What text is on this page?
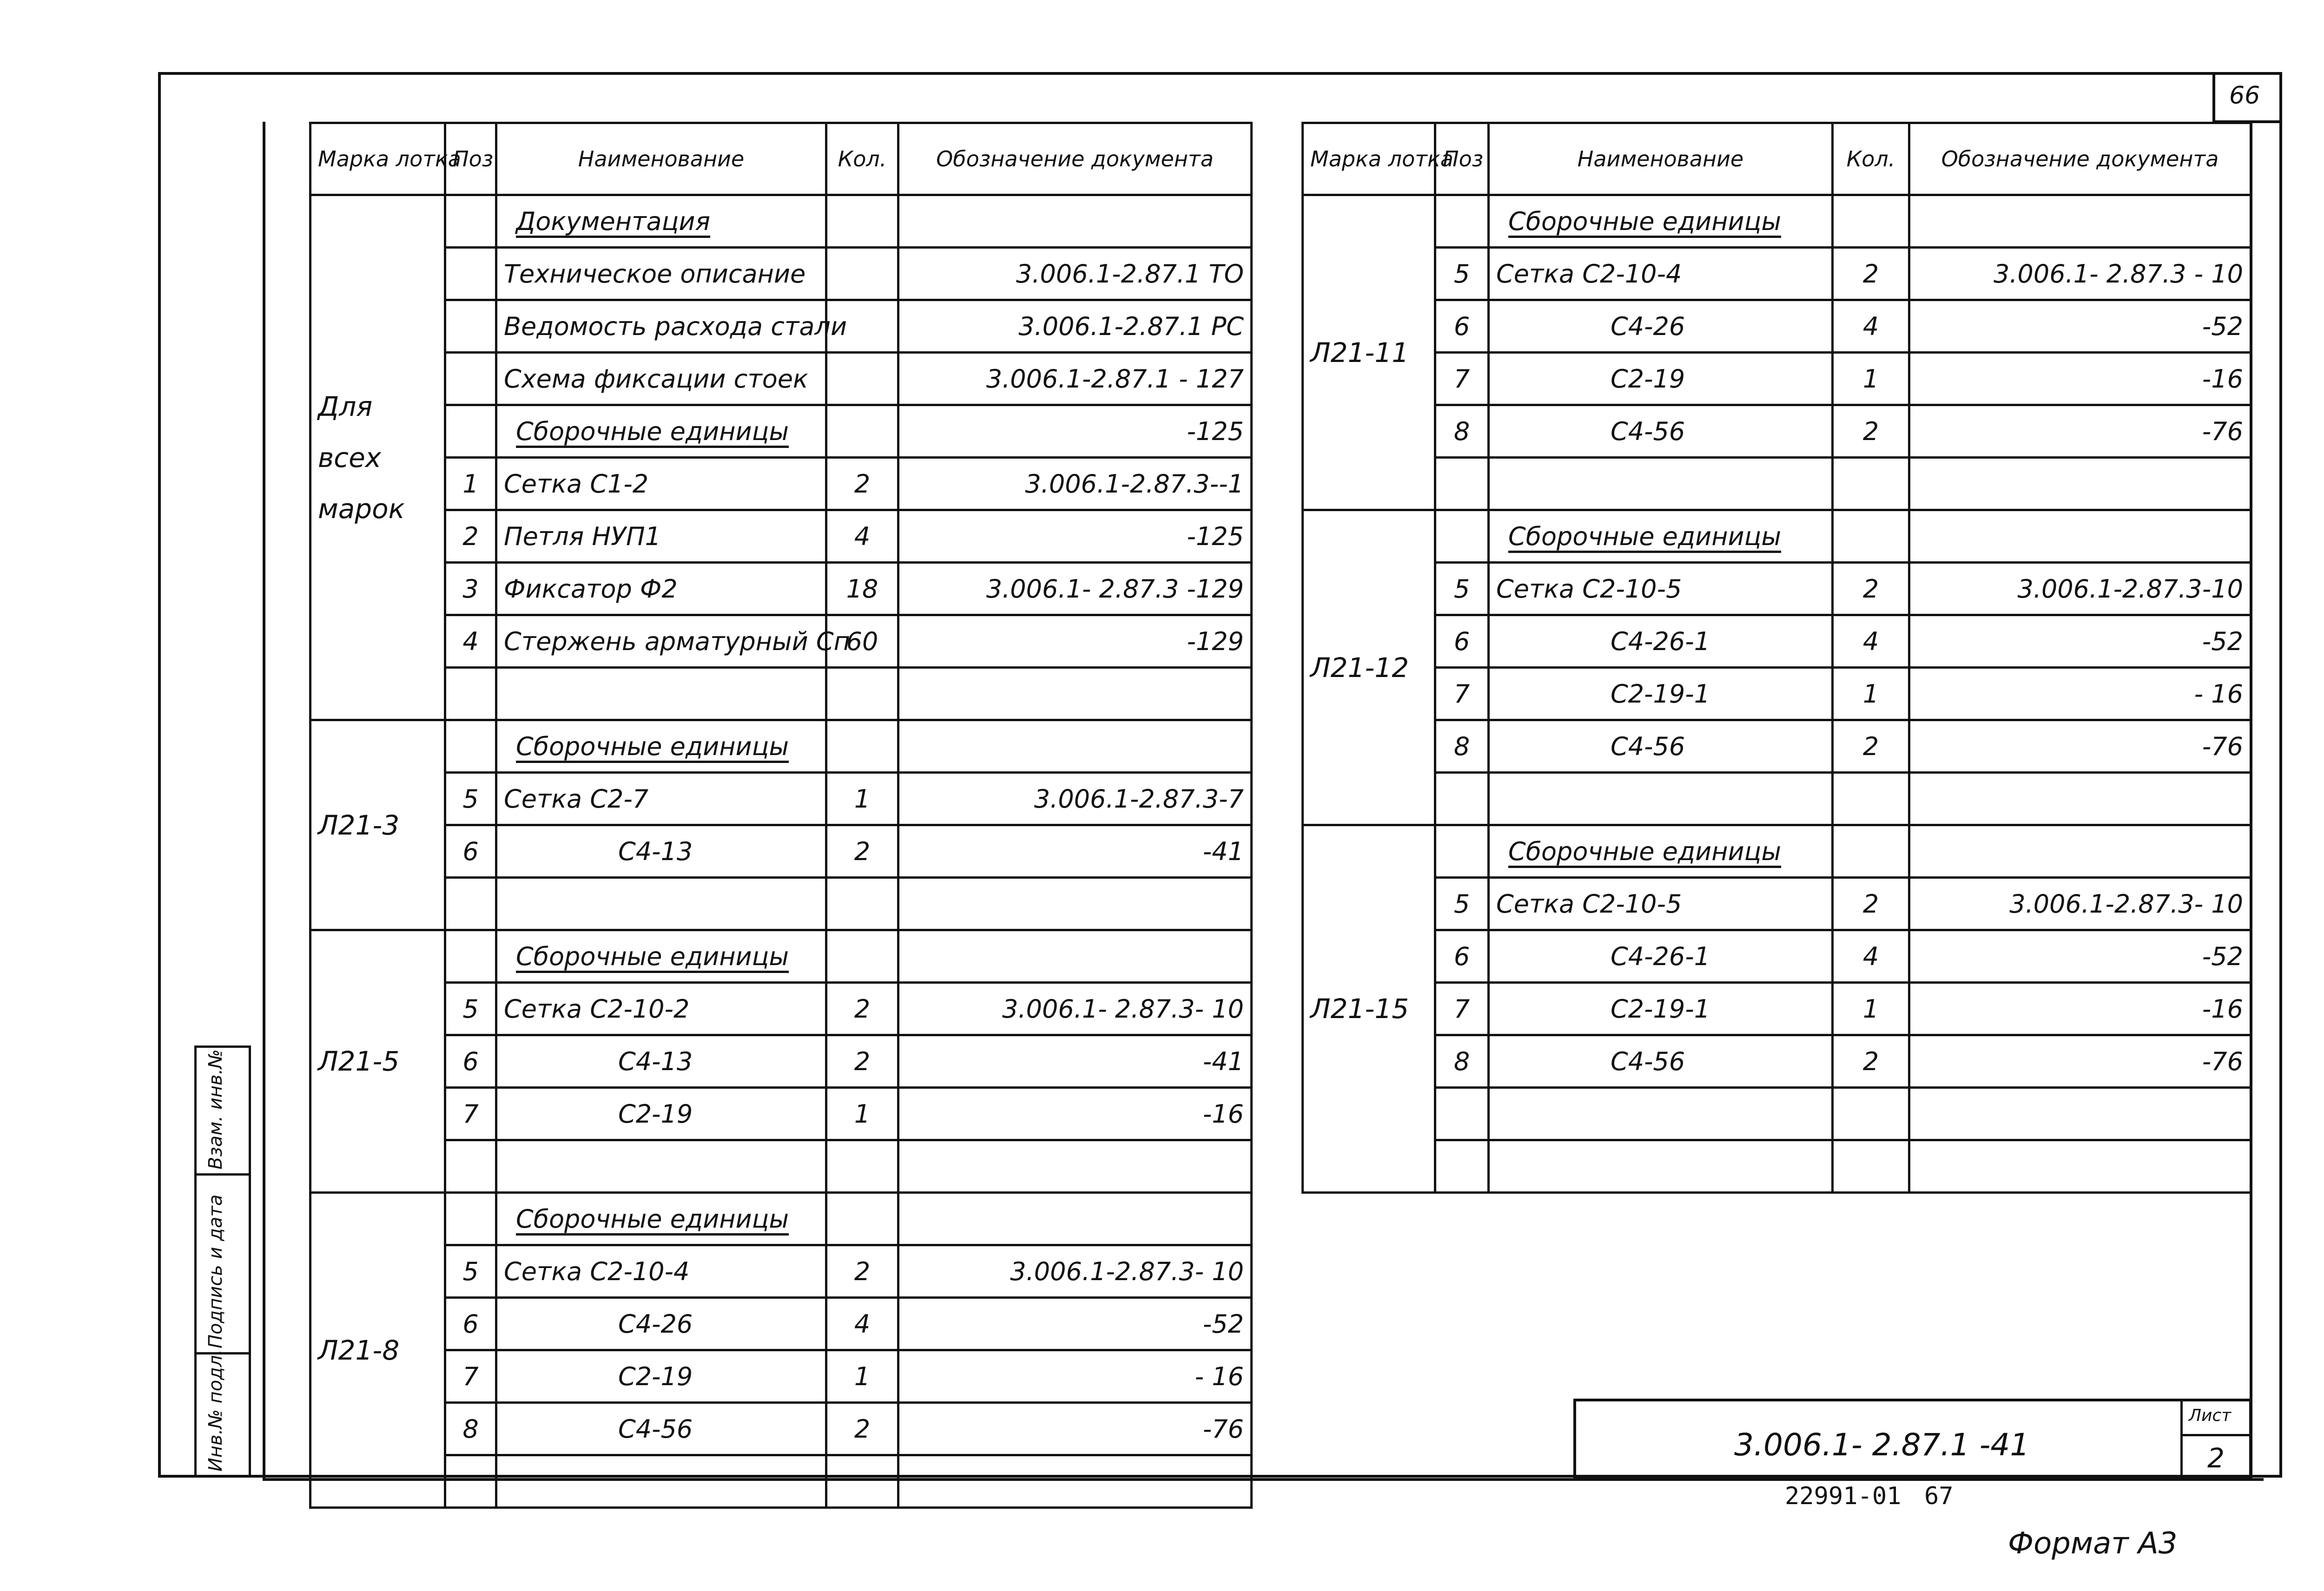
66
Взам. инв.№
Подпись и дата
Инв.№ подл.
Марка лотка	Поз	Наименование	Кол.	Обозначение документа
Для всех марок		Документация		
		Техническое описание		3.006.1-2.87.1 ТО
		Ведомость расхода стали		3.006.1-2.87.1 РС
		Схема фиксации стоек		3.006.1-2.87.1 - 127
		Сборочные единицы		-125
	1	Сетка С1-2	2	3.006.1-2.87.3--1
	2	Петля НУП1	4	-125
	3	Фиксатор Ф2	18	3.006.1- 2.87.3 -129
	4	Стержень арматурный Сп	60	-129

Л21-3		Сборочные единицы		
	5	Сетка С2-7	1	3.006.1-2.87.3-7
	6	С4-13	2	-41

Л21-5		Сборочные единицы		
	5	Сетка С2-10-2	2	3.006.1- 2.87.3- 10
	6	С4-13	2	-41
	7	С2-19	1	-16

Л21-8		Сборочные единицы		
	5	Сетка С2-10-4	2	3.006.1-2.87.3- 10
	6	С4-26	4	-52
	7	С2-19	1	- 16
	8	С4-56	2	-76

Марка лотка	Поз	Наименование	Кол.	Обозначение документа
Л21-11		Сборочные единицы		
	5	Сетка С2-10-4	2	3.006.1- 2.87.3 - 10
	6	С4-26	4	-52
	7	С2-19	1	-16
	8	С4-56	2	-76

Л21-12		Сборочные единицы		
	5	Сетка С2-10-5	2	3.006.1-2.87.3-10
	6	С4-26-1	4	-52
	7	С2-19-1	1	- 16
	8	С4-56	2	-76

Л21-15		Сборочные единицы		
	5	Сетка С2-10-5	2	3.006.1-2.87.3- 10
	6	С4-26-1	4	-52
	7	С2-19-1	1	-16
	8	С4-56	2	-76

3.006.1- 2.87.1 -41
Лист
2
22991-01 67
Формат А3
